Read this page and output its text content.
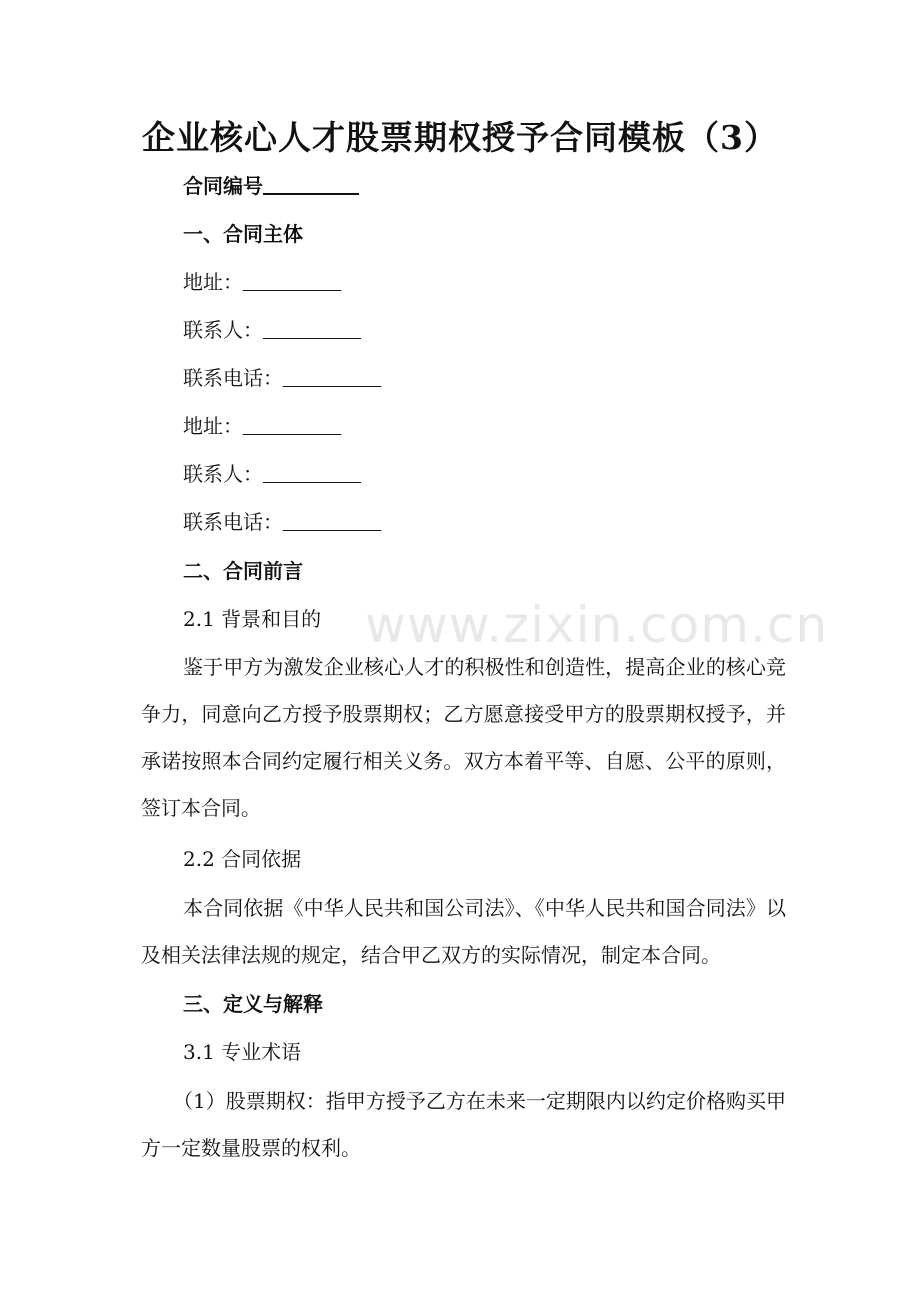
企业核心人才股票期权授予合同模板（3）
合同编号
一、合同主体
地址：
联系人：
联系电话：
地址：
联系人：
联系电话：
二、合同前言
2.1 背景和目的
鉴于甲方为激发企业核心人才的积极性和创造性，提高企业的核心竞争力，同意向乙方授予股票期权；乙方愿意接受甲方的股票期权授予，并承诺按照本合同约定履行相关义务。双方本着平等、自愿、公平的原则，签订本合同。
2.2 合同依据
本合同依据《中华人民共和国公司法》、《中华人民共和国合同法》以及相关法律法规的规定，结合甲乙双方的实际情况，制定本合同。
三、定义与解释
3.1 专业术语
（1）股票期权：指甲方授予乙方在未来一定期限内以约定价格购买甲方一定数量股票的权利。
www.zixin.com.cn
